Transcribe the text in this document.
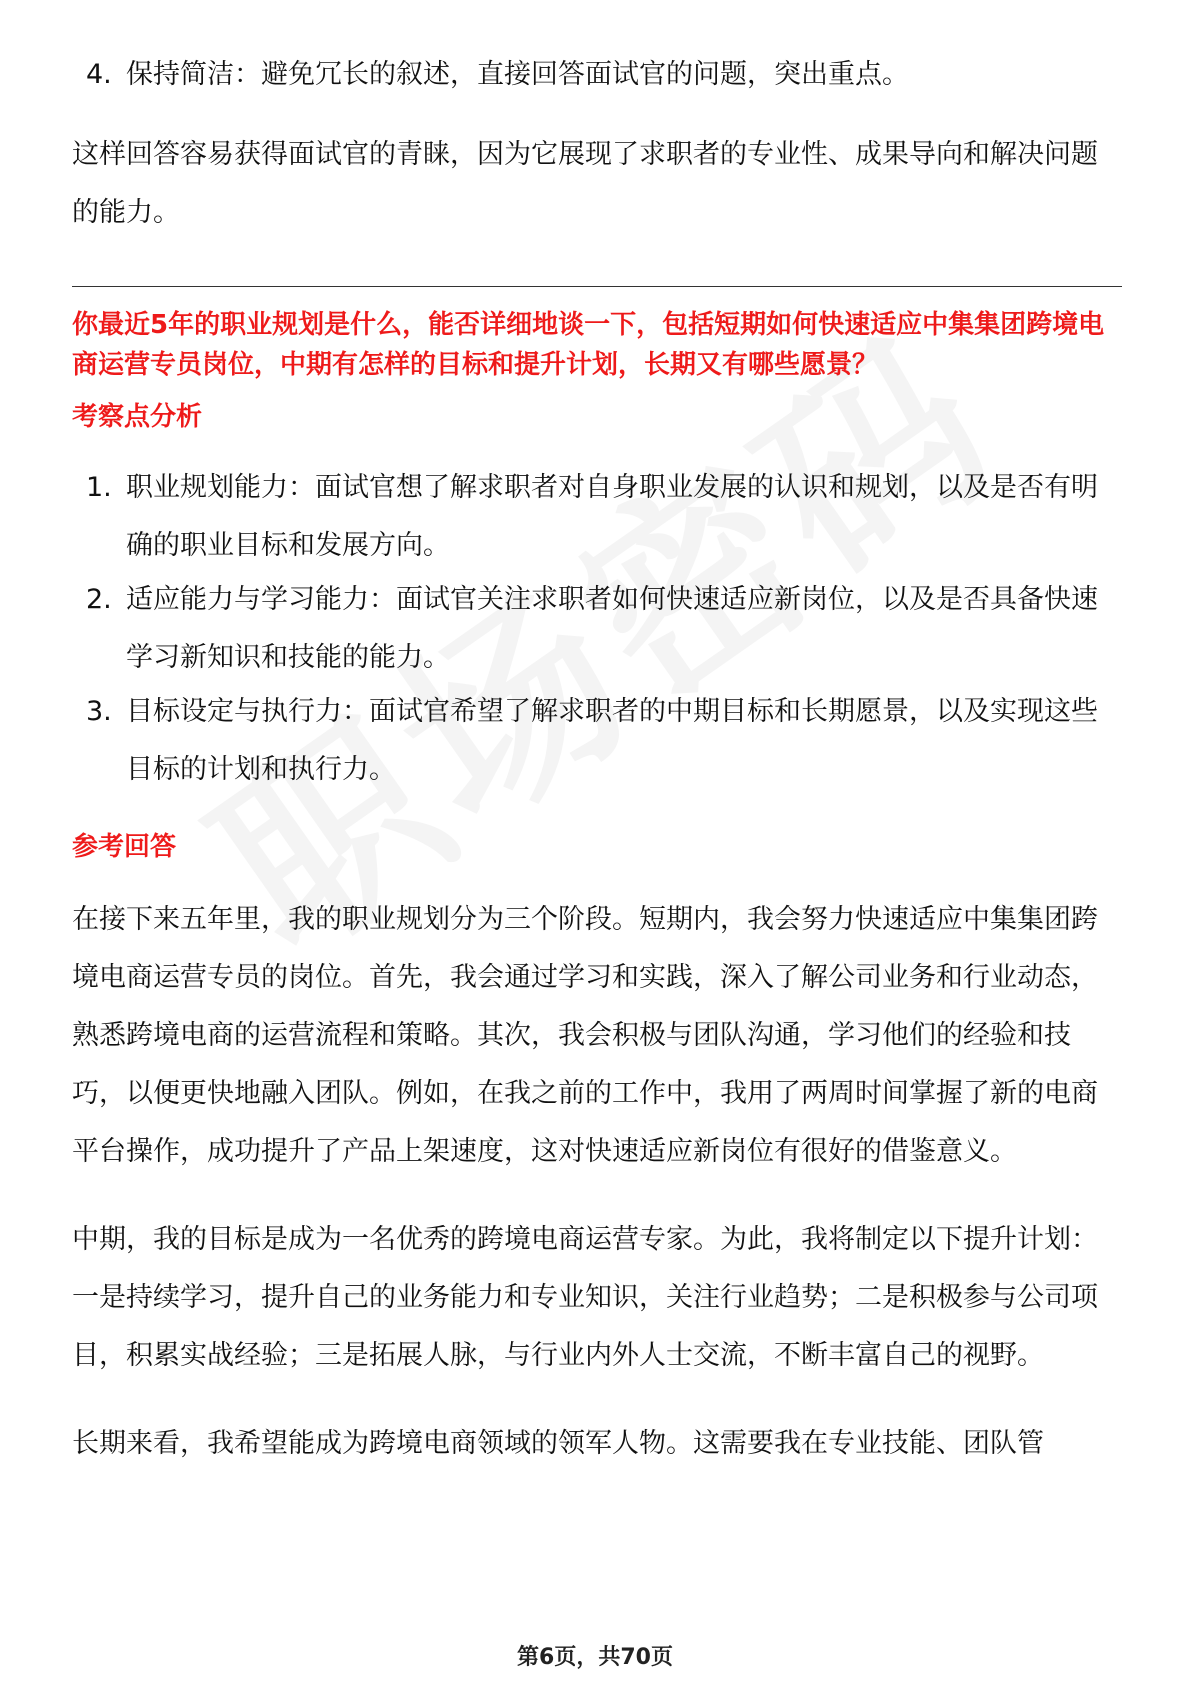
4. 保持简洁：避免冗长的叙述，直接回答面试官的问题，突出重点。

这样回答容易获得面试官的青睐，因为它展现了求职者的专业性、成果导向和解决问题的能力。

你最近5年的职业规划是什么，能否详细地谈一下，包括短期如何快速适应中集集团跨境电商运营专员岗位，中期有怎样的目标和提升计划，长期又有哪些愿景？

考察点分析

1. 职业规划能力：面试官想了解求职者对自身职业发展的认识和规划，以及是否有明确的职业目标和发展方向。
2. 适应能力与学习能力：面试官关注求职者如何快速适应新岗位，以及是否具备快速学习新知识和技能的能力。
3. 目标设定与执行力：面试官希望了解求职者的中期目标和长期愿景，以及实现这些目标的计划和执行力。

参考回答

在接下来五年里，我的职业规划分为三个阶段。短期内，我会努力快速适应中集集团跨境电商运营专员的岗位。首先，我会通过学习和实践，深入了解公司业务和行业动态，熟悉跨境电商的运营流程和策略。其次，我会积极与团队沟通，学习他们的经验和技巧，以便更快地融入团队。例如，在我之前的工作中，我用了两周时间掌握了新的电商平台操作，成功提升了产品上架速度，这对快速适应新岗位有很好的借鉴意义。

中期，我的目标是成为一名优秀的跨境电商运营专家。为此，我将制定以下提升计划：一是持续学习，提升自己的业务能力和专业知识，关注行业趋势；二是积极参与公司项目，积累实战经验；三是拓展人脉，与行业内外人士交流，不断丰富自己的视野。

长期来看，我希望能成为跨境电商领域的领军人物。这需要我在专业技能、团队管

第6页，共70页
